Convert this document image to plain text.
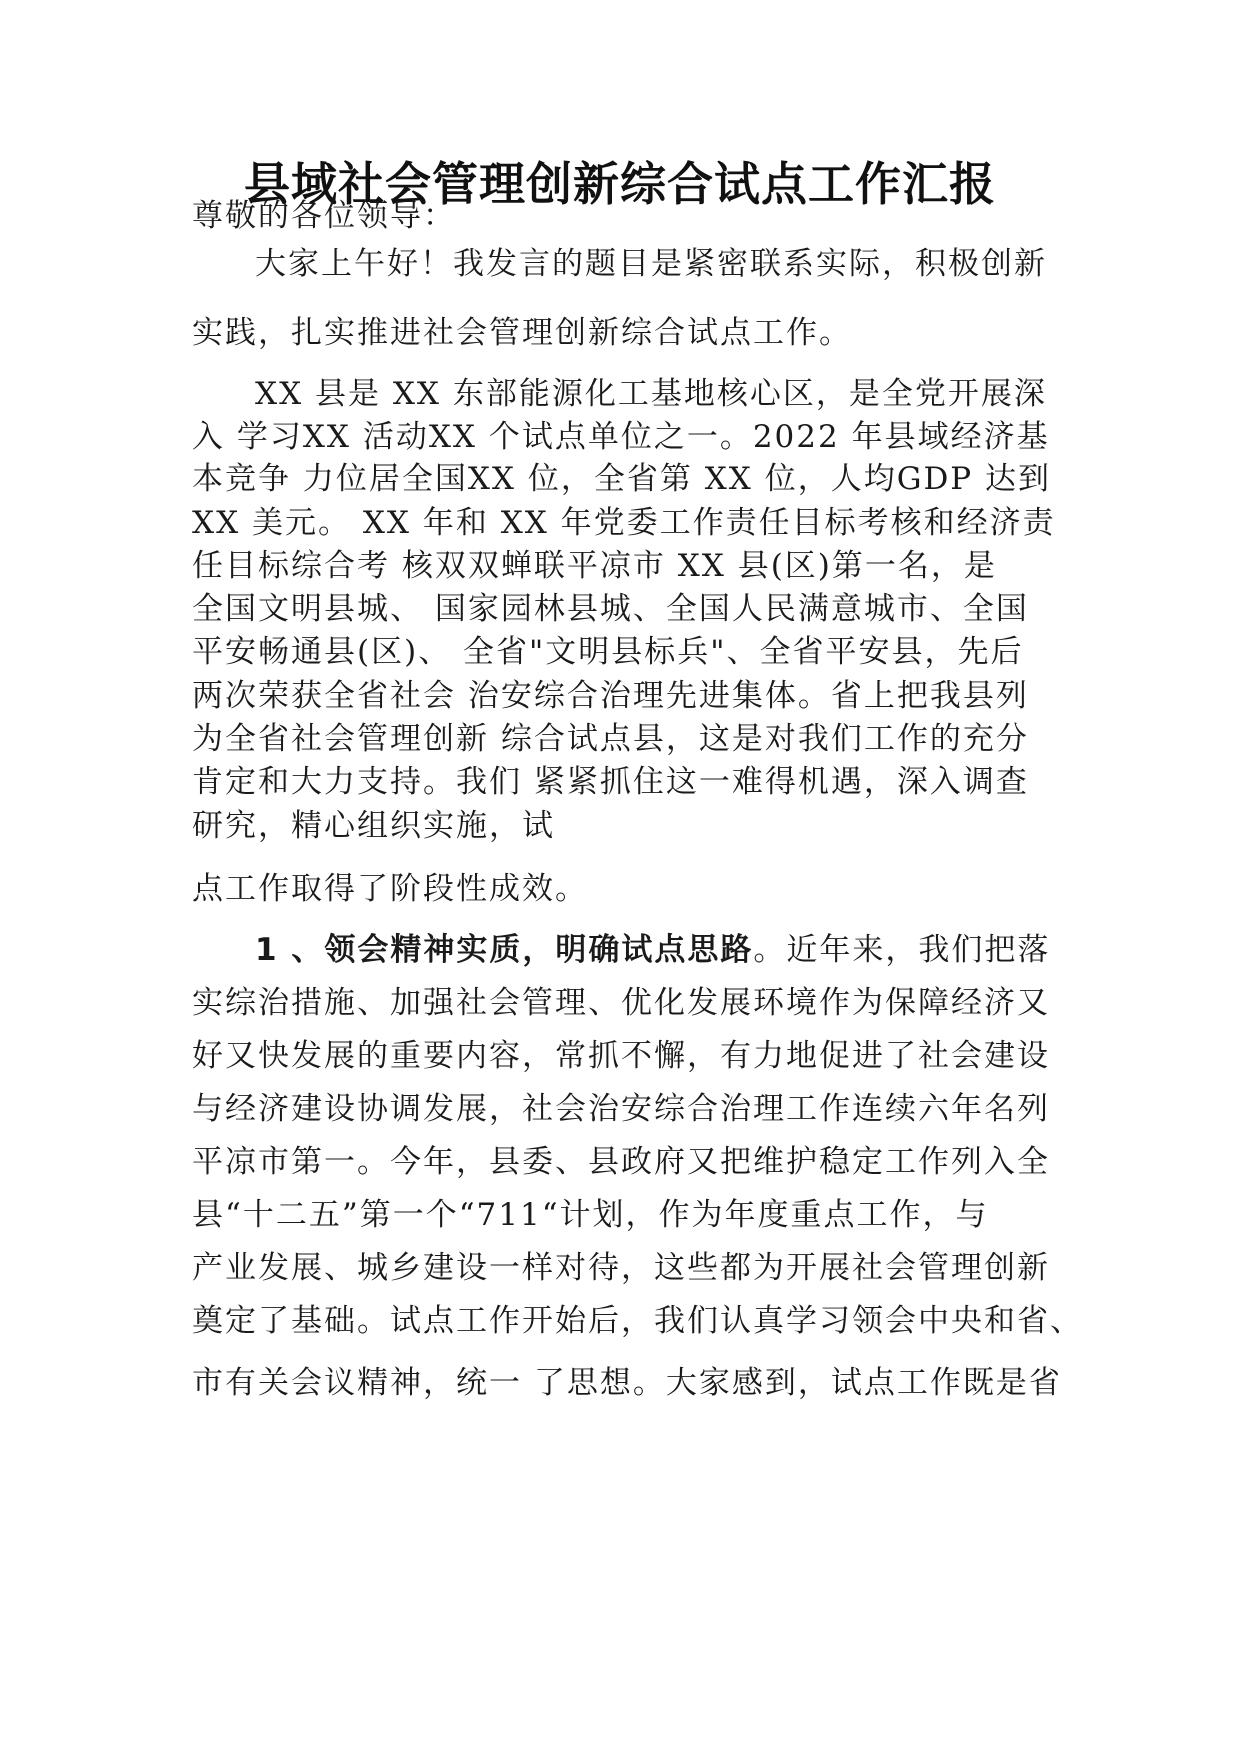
县域社会管理创新综合试点工作汇报

尊敬的各位领导：

大家上午好！我发言的题目是紧密联系实际，积极创新

实践，扎实推进社会管理创新综合试点工作。

XX 县是 XX 东部能源化工基地核心区，是全党开展深

入 学习XX 活动XX 个试点单位之一。2022 年县域经济基

本竞争 力位居全国XX 位，全省第 XX 位，人均GDP 达到

XX 美元。 XX 年和 XX 年党委工作责任目标考核和经济责

任目标综合考 核双双蝉联平凉市 XX 县(区)第一名，是

全国文明县城、 国家园林县城、全国人民满意城市、全国

平安畅通县(区)、 全省"文明县标兵"、全省平安县，先后

两次荣获全省社会 治安综合治理先进集体。省上把我县列

为全省社会管理创新 综合试点县，这是对我们工作的充分

肯定和大力支持。我们 紧紧抓住这一难得机遇，深入调查

研究，精心组织实施，试

点工作取得了阶段性成效。

1 、领会精神实质，明确试点思路。近年来，我们把落

实综治措施、加强社会管理、优化发展环境作为保障经济又

好又快发展的重要内容，常抓不懈，有力地促进了社会建设

与经济建设协调发展，社会治安综合治理工作连续六年名列

平凉市第一。今年，县委、县政府又把维护稳定工作列入全

县“十二五”第一个“711“计划，作为年度重点工作，与

产业发展、城乡建设一样对待，这些都为开展社会管理创新

奠定了基础。试点工作开始后，我们认真学习领会中央和省、

市有关会议精神，统一 了思想。大家感到，试点工作既是省
